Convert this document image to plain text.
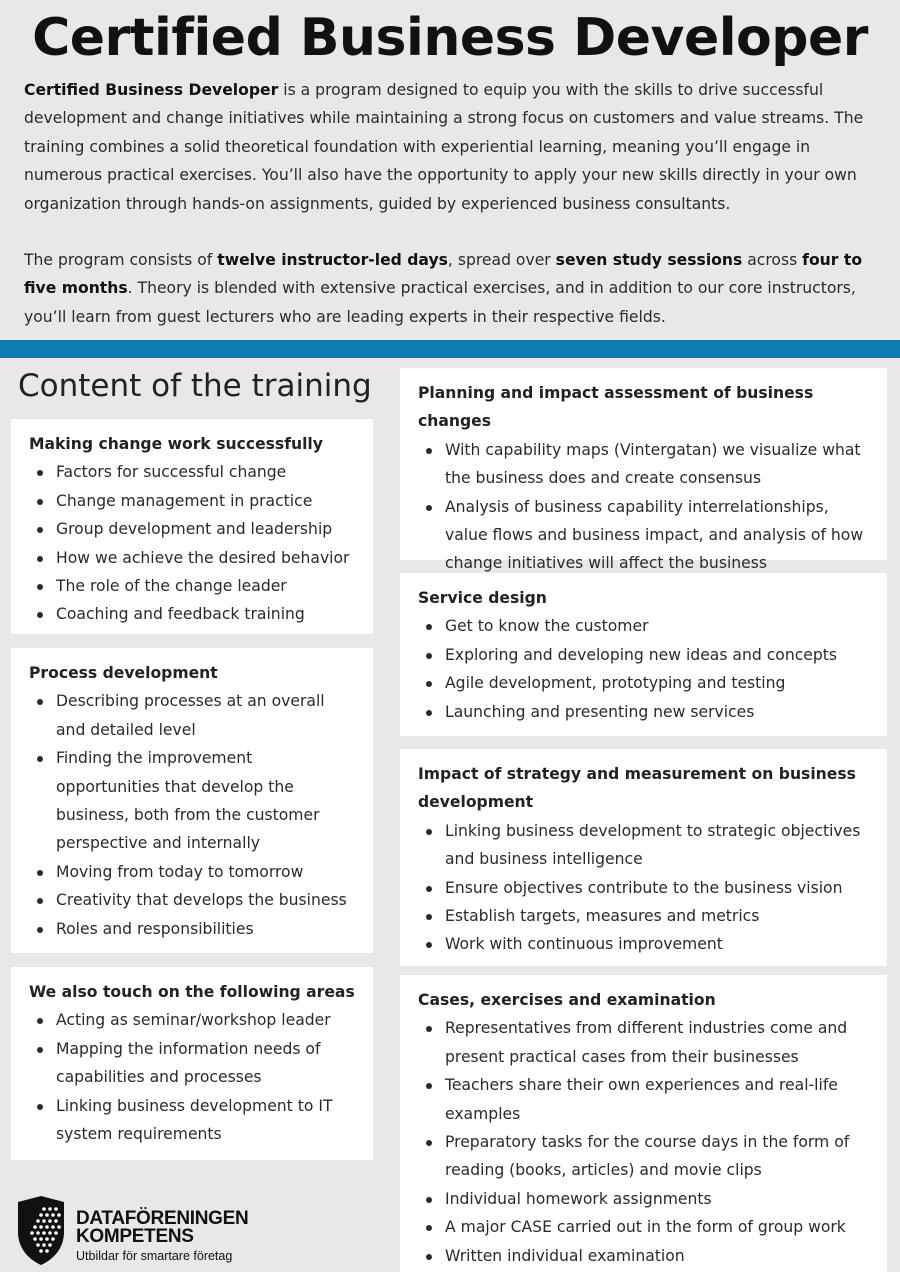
Certified Business Developer

Certified Business Developer is a program designed to equip you with the skills to drive successful development and change initiatives while maintaining a strong focus on customers and value streams. The training combines a solid theoretical foundation with experiential learning, meaning you’ll engage in numerous practical exercises. You’ll also have the opportunity to apply your new skills directly in your own organization through hands-on assignments, guided by experienced business consultants.

The program consists of twelve instructor-led days, spread over seven study sessions across four to five months. Theory is blended with extensive practical exercises, and in addition to our core instructors, you’ll learn from guest lecturers who are leading experts in their respective fields.

Content of the training
Making change work successfully
Factors for successful change
Change management in practice
Group development and leadership
How we achieve the desired behavior
The role of the change leader
Coaching and feedback training
Process development
Describing processes at an overall and detailed level
Finding the improvement opportunities that develop the business, both from the customer perspective and internally
Moving from today to tomorrow
Creativity that develops the business
Roles and responsibilities
We also touch on the following areas
Acting as seminar/workshop leader
Mapping the information needs of capabilities and processes
Linking business development to IT system requirements
Planning and impact assessment of business changes
With capability maps (Vintergatan) we visualize what the business does and create consensus
Analysis of business capability interrelationships, value flows and business impact, and analysis of how change initiatives will affect the business
Service design
Get to know the customer
Exploring and developing new ideas and concepts
Agile development, prototyping and testing
Launching and presenting new services
Impact of strategy and measurement on business development
Linking business development to strategic objectives and business intelligence
Ensure objectives contribute to the business vision
Establish targets, measures and metrics
Work with continuous improvement
Cases, exercises and examination
Representatives from different industries come and present practical cases from their businesses
Teachers share their own experiences and real-life examples
Preparatory tasks for the course days in the form of reading (books, articles) and movie clips
Individual homework assignments
A major CASE carried out in the form of group work
Written individual examination
DATAFÖRENINGEN
KOMPETENS
Utbildar för smartare företag
